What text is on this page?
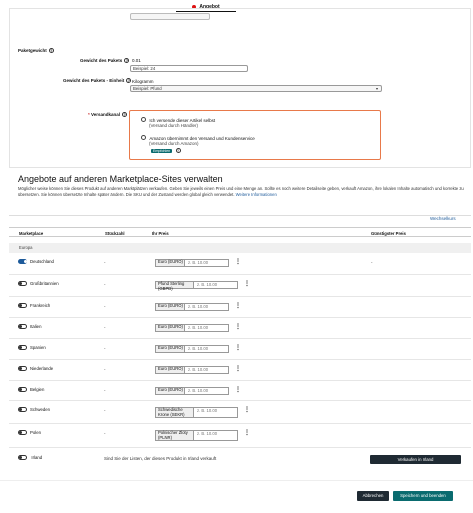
Angebot
Paketgewicht ?
Gewicht des Pakets ? 0.01
Beispiel: 24
Gewicht des Pakets - Einheit ? Kilogramm
Beispiel: Pfund	▾
* Versandkanal ?
Ich versende dieser Artikel selbst
(Versand durch Händler)
Amazon übernimmt den Versand und Kundenservice
(Versand durch Amazon)
Empfohlen ?
Angebote auf anderen Marketplace-Sites verwalten
Möglicher weise können Sie dieses Produkt auf anderen Marktplätzen verkaufen. Geben Sie jeweils einen Preis und eine Menge an. Sollte es noch weitere Detailseite geben, verkauft Amazon, ihre lokalen Inhalte automatisch und korrekte zu übersetzen. Sie können übersetzte Inhalte später ändern. Die SKU und der Zustand werden global gleich verwendet. Weitere Informationen
Wechselkurs
Marketplace	Stückzahl	Ihr Preis	Günstigster Preis
Europa
Deutschland	-	Euro (EURO)	z. B. 10.00	⋮	-
Großbritannien	-	Pfund Sterling (GBPD)
z. B. 10.00	⋮
Frankreich	-	Euro (EURO)	z. B. 10.00	⋮
Italien	-	Euro (EURO)	z. B. 10.00	⋮
Spanien	-	Euro (EURO)	z. B. 10.00	⋮
Niederlande	-	Euro (EURO)	z. B. 10.00	⋮
Belgien	-	Euro (EURO)	z. B. 10.00	⋮
Schweden	-	Schwedische Krone (SEKR)
z. B. 10.00	⋮
Polen	-	Polnischer Zloty (PLNR)
z. B. 10.00	⋮
Irland	Sind Sie der Listen, der dieses Produkt in Irland verkauft	Verkaufen in Irland
Abbrechen	Speichern und beenden
